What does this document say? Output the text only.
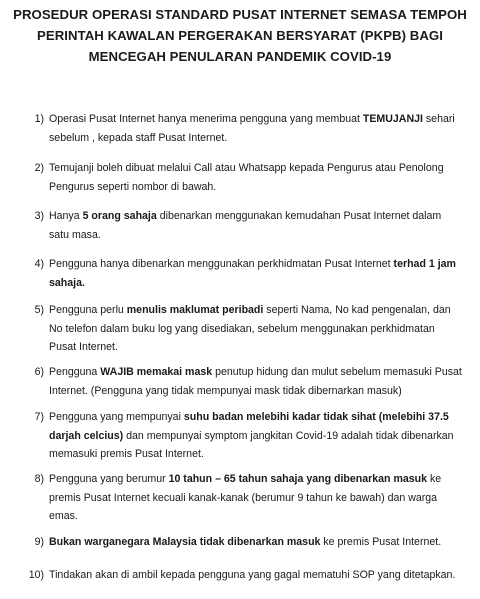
PROSEDUR OPERASI STANDARD PUSAT INTERNET SEMASA TEMPOH
PERINTAH KAWALAN PERGERAKAN BERSYARAT (PKPB) BAGI
MENCEGAH PENULARAN PANDEMIK COVID-19
1) Operasi Pusat Internet hanya menerima pengguna yang membuat TEMUJANJI sehari sebelum , kepada staff Pusat Internet.
2) Temujanji boleh dibuat melalui Call atau Whatsapp kepada Pengurus atau Penolong Pengurus seperti nombor di bawah.
3) Hanya 5 orang sahaja dibenarkan menggunakan kemudahan Pusat Internet dalam satu masa.
4) Pengguna hanya dibenarkan menggunakan perkhidmatan Pusat Internet terhad 1 jam sahaja.
5) Pengguna perlu menulis maklumat peribadi seperti Nama, No kad pengenalan, dan No telefon dalam buku log yang disediakan, sebelum menggunakan perkhidmatan Pusat Internet.
6) Pengguna WAJIB memakai mask penutup hidung dan mulut sebelum memasuki Pusat Internet. (Pengguna yang tidak mempunyai mask tidak dibernarkan masuk)
7) Pengguna yang mempunyai suhu badan melebihi kadar tidak sihat (melebihi 37.5 darjah celcius) dan mempunyai symptom jangkitan Covid-19 adalah tidak dibenarkan memasuki premis Pusat Internet.
8) Pengguna yang berumur 10 tahun – 65 tahun sahaja yang dibenarkan masuk ke premis Pusat Internet kecuali kanak-kanak (berumur 9 tahun ke bawah) dan warga emas.
9) Bukan warganegara Malaysia tidak dibenarkan masuk ke premis Pusat Internet.
10) Tindakan akan di ambil kepada pengguna yang gagal mematuhi SOP yang ditetapkan.
